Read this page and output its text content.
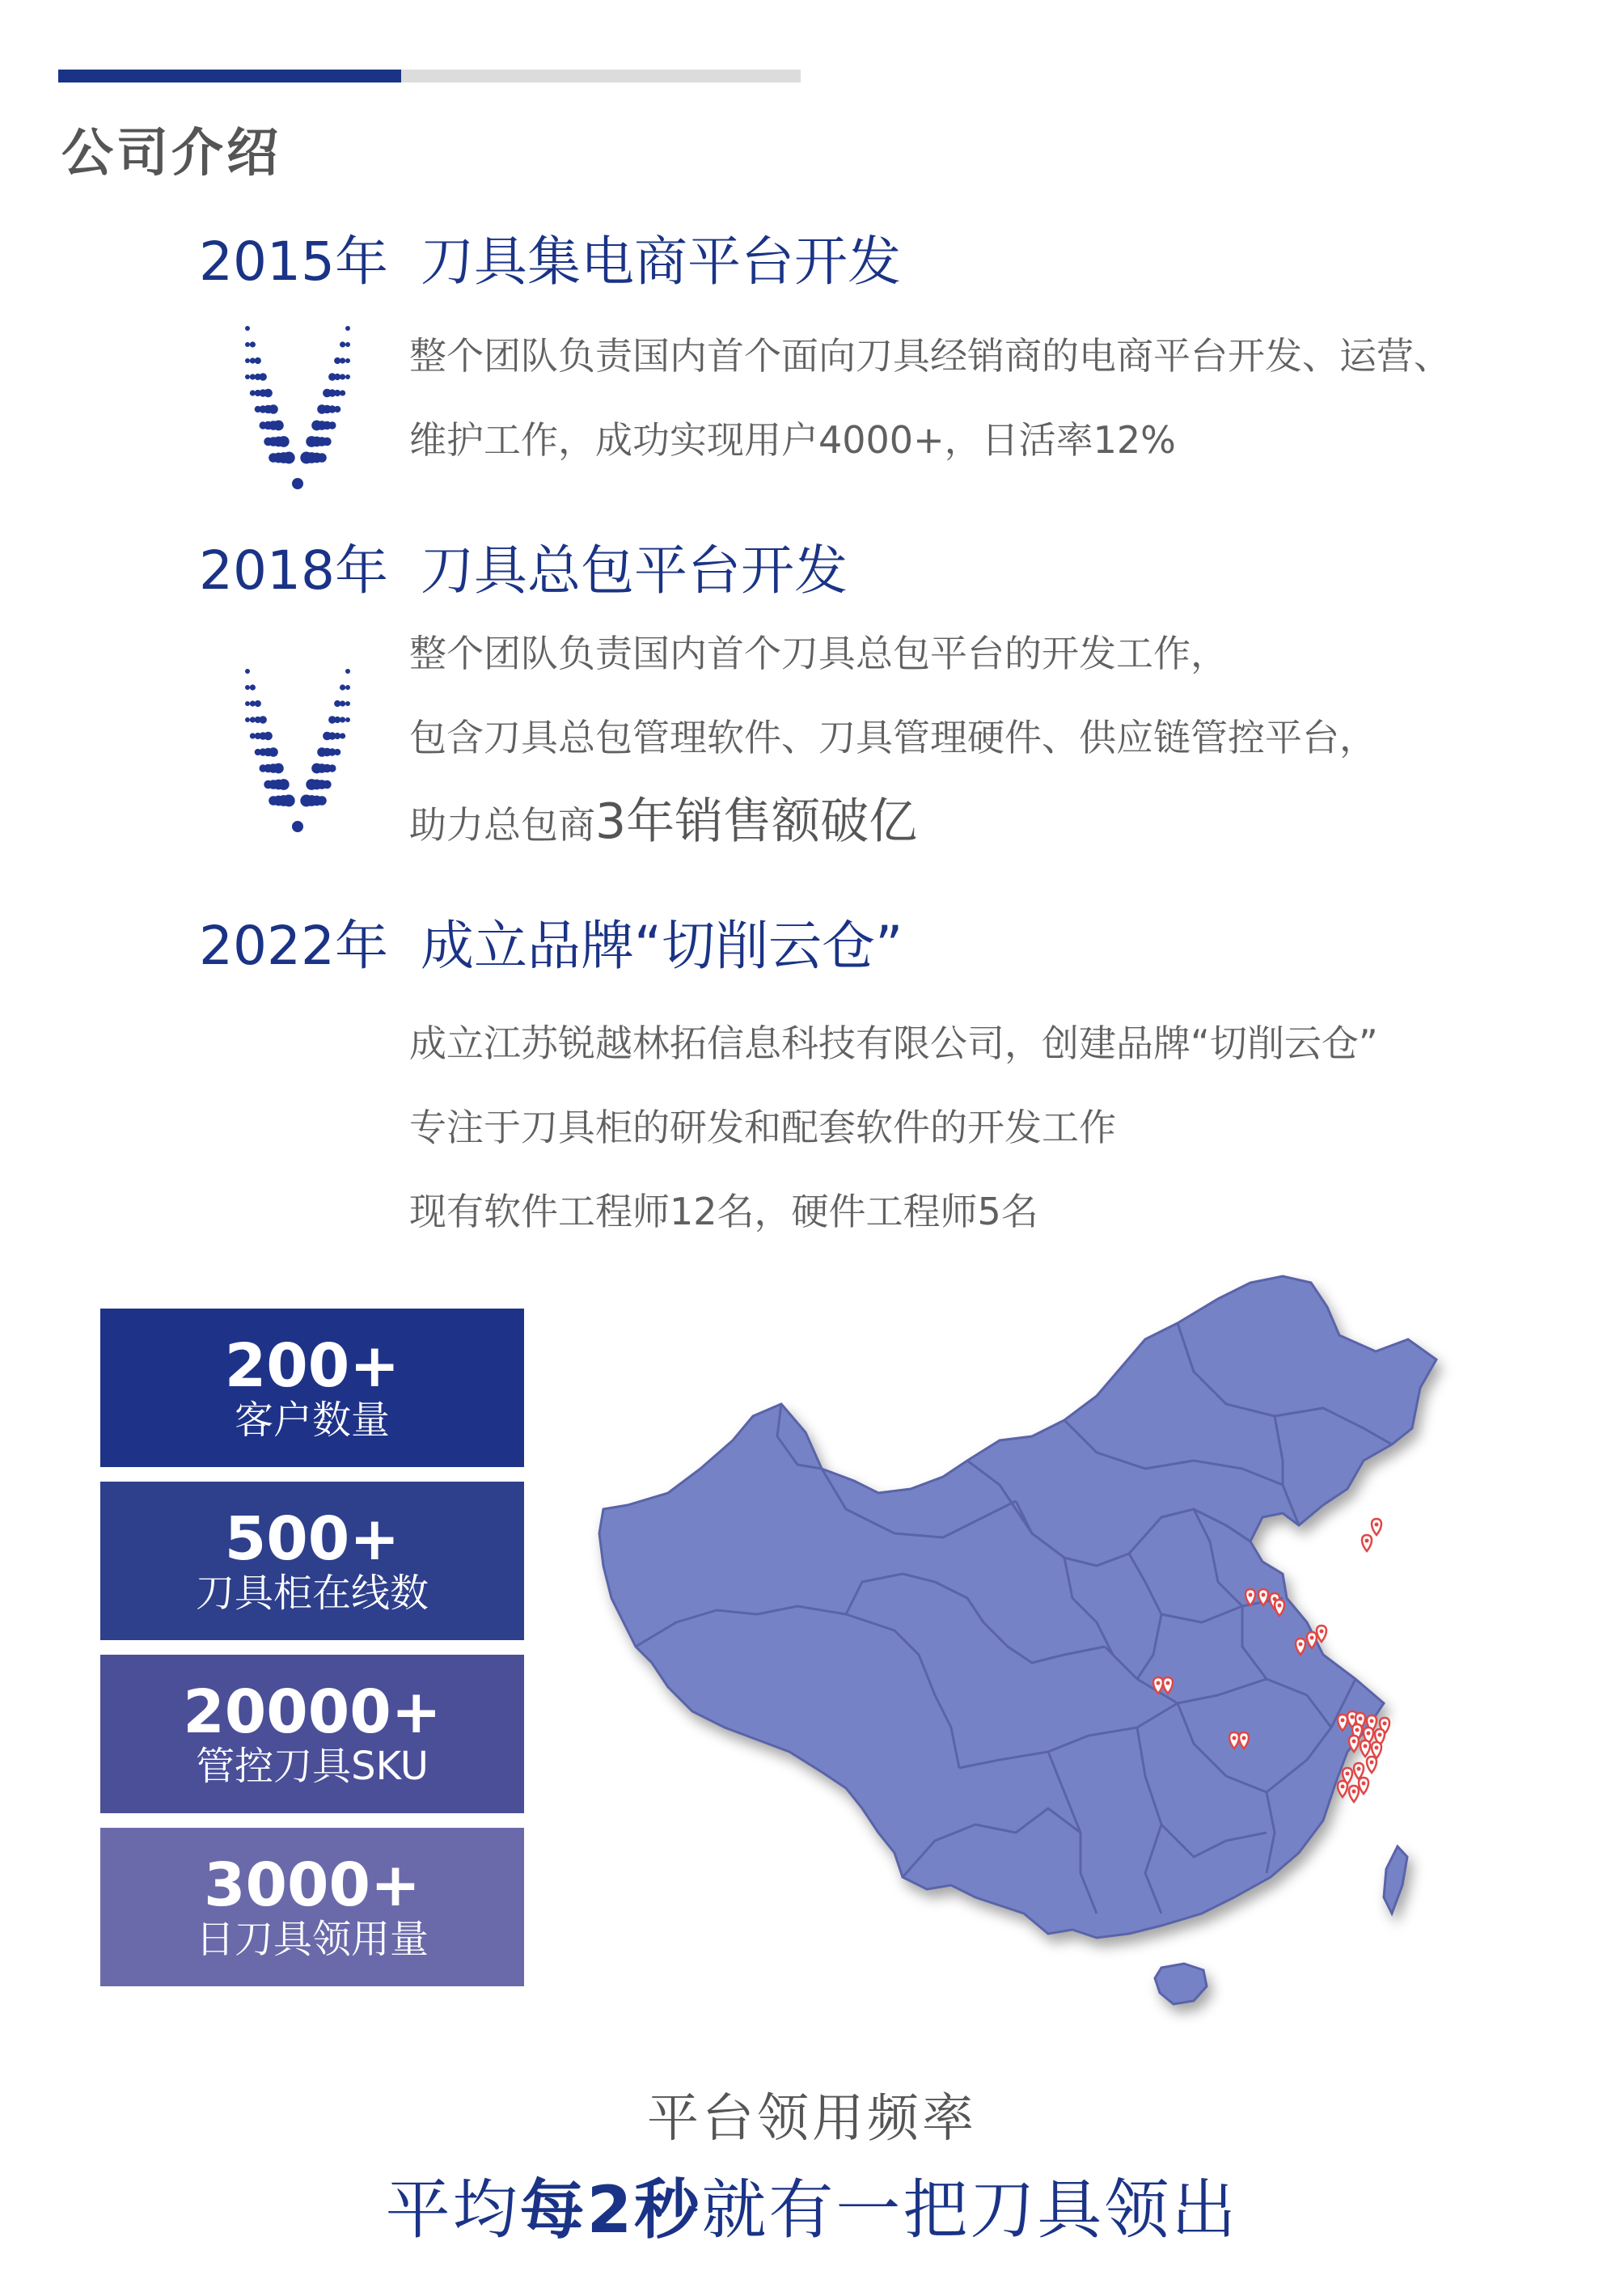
公司介绍
2015年 刀具集电商平台开发
整个团队负责国内首个面向刀具经销商的电商平台开发、运营、
维护工作，成功实现用户4000+，日活率12%
2018年 刀具总包平台开发
整个团队负责国内首个刀具总包平台的开发工作，
包含刀具总包管理软件、刀具管理硬件、供应链管控平台，
助力总包商3年销售额破亿
2022年 成立品牌“切削云仓”
成立江苏锐越林拓信息科技有限公司，创建品牌“切削云仓”
专注于刀具柜的研发和配套软件的开发工作
现有软件工程师12名，硬件工程师5名
200+
客户数量
500+
刀具柜在线数
20000+
管控刀具SKU
3000+
日刀具领用量
平台领用频率
平均每2秒就有一把刀具领出
